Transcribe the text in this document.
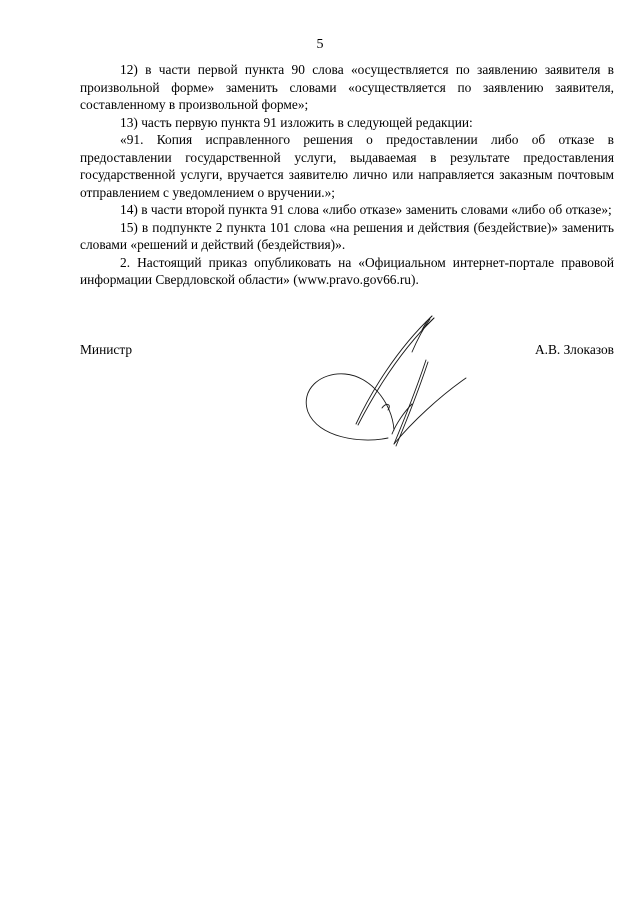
5

12) в части первой пункта 90 слова «осуществляется по заявлению заявителя в произвольной форме» заменить словами «осуществляется по заявлению заявителя, составленному в произвольной форме»;

13) часть первую пункта 91 изложить в следующей редакции:

«91. Копия исправленного решения о предоставлении либо об отказе в предоставлении государственной услуги, выдаваемая в результате предоставления государственной услуги, вручается заявителю лично или направляется заказным почтовым отправлением с уведомлением о вручении.»;

14) в части второй пункта 91 слова «либо отказе» заменить словами «либо об отказе»;

15) в подпункте 2 пункта 101 слова «на решения и действия (бездействие)» заменить словами «решений и действий (бездействия)».

2. Настоящий приказ опубликовать на «Официальном интернет-портале правовой информации Свердловской области» (www.pravo.gov66.ru).

Министр	А.В. Злоказов
